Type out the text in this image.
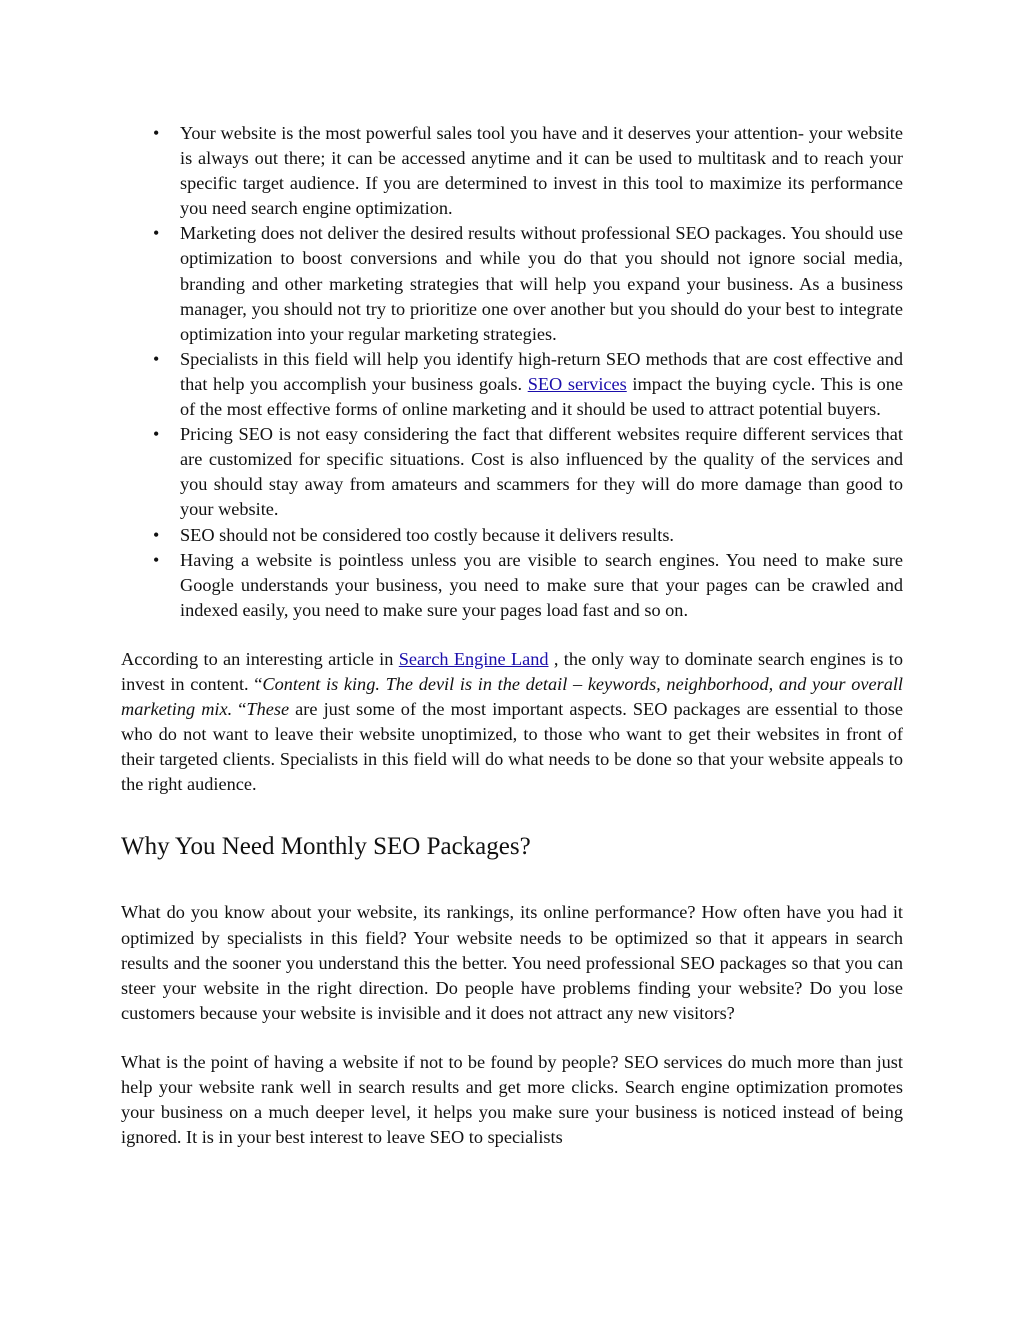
• Your website is the most powerful sales tool you have and it deserves your attention- your website is always out there; it can be accessed anytime and it can be used to multitask and to reach your specific target audience. If you are determined to invest in this tool to maximize its performance you need search engine optimization.
• Marketing does not deliver the desired results without professional SEO packages. You should use optimization to boost conversions and while you do that you should not ignore social media, branding and other marketing strategies that will help you expand your business. As a business manager, you should not try to prioritize one over another but you should do your best to integrate optimization into your regular marketing strategies.
• Specialists in this field will help you identify high-return SEO methods that are cost effective and that help you accomplish your business goals. SEO services impact the buying cycle. This is one of the most effective forms of online marketing and it should be used to attract potential buyers.
• Pricing SEO is not easy considering the fact that different websites require different services that are customized for specific situations. Cost is also influenced by the quality of the services and you should stay away from amateurs and scammers for they will do more damage than good to your website.
• SEO should not be considered too costly because it delivers results.
• Having a website is pointless unless you are visible to search engines. You need to make sure Google understands your business, you need to make sure that your pages can be crawled and indexed easily, you need to make sure your pages load fast and so on.

According to an interesting article in Search Engine Land , the only way to dominate search engines is to invest in content. “Content is king. The devil is in the detail – keywords, neighborhood, and your overall marketing mix. “These are just some of the most important aspects. SEO packages are essential to those who do not want to leave their website unoptimized, to those who want to get their websites in front of their targeted clients. Specialists in this field will do what needs to be done so that your website appeals to the right audience.

Why You Need Monthly SEO Packages?

What do you know about your website, its rankings, its online performance? How often have you had it optimized by specialists in this field? Your website needs to be optimized so that it appears in search results and the sooner you understand this the better. You need professional SEO packages so that you can steer your website in the right direction. Do people have problems finding your website? Do you lose customers because your website is invisible and it does not attract any new visitors?

What is the point of having a website if not to be found by people? SEO services do much more than just help your website rank well in search results and get more clicks. Search engine optimization promotes your business on a much deeper level, it helps you make sure your business is noticed instead of being ignored. It is in your best interest to leave SEO to specialists
